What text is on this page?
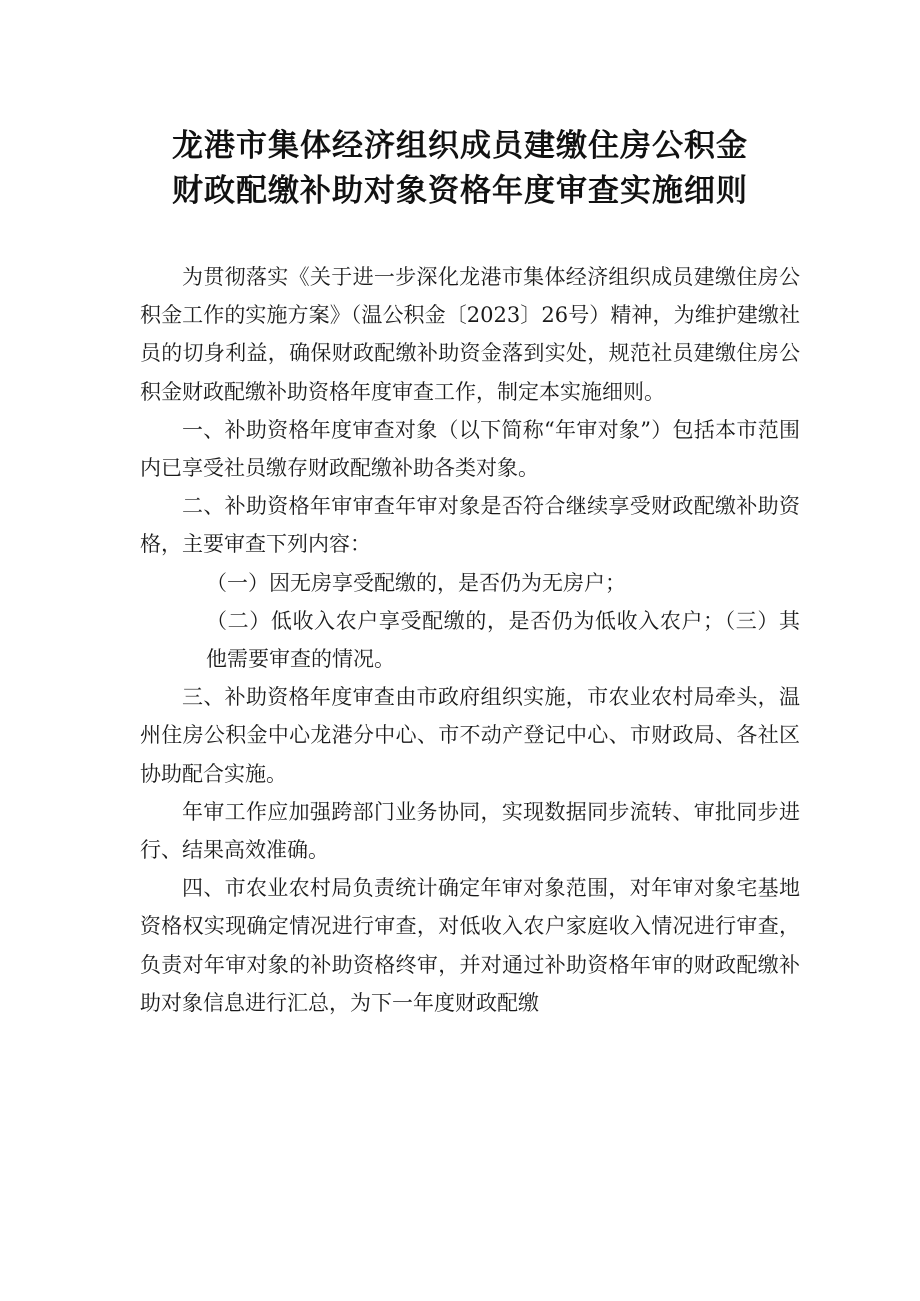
龙港市集体经济组织成员建缴住房公积金
财政配缴补助对象资格年度审查实施细则

为贯彻落实《关于进一步深化龙港市集体经济组织成员建缴住房公积金工作的实施方案》（温公积金〔2023〕26号）精神，为维护建缴社员的切身利益，确保财政配缴补助资金落到实处，规范社员建缴住房公积金财政配缴补助资格年度审查工作，制定本实施细则。

一、补助资格年度审查对象（以下简称“年审对象”）包括本市范围内已享受社员缴存财政配缴补助各类对象。

二、补助资格年审审查年审对象是否符合继续享受财政配缴补助资格，主要审查下列内容：

（一）因无房享受配缴的，是否仍为无房户；

（二）低收入农户享受配缴的，是否仍为低收入农户；（三）其他需要审查的情况。

三、补助资格年度审查由市政府组织实施，市农业农村局牵头，温州住房公积金中心龙港分中心、市不动产登记中心、市财政局、各社区协助配合实施。

年审工作应加强跨部门业务协同，实现数据同步流转、审批同步进行、结果高效准确。

四、市农业农村局负责统计确定年审对象范围，对年审对象宅基地资格权实现确定情况进行审查，对低收入农户家庭收入情况进行审查，负责对年审对象的补助资格终审，并对通过补助资格年审的财政配缴补助对象信息进行汇总，为下一年度财政配缴
